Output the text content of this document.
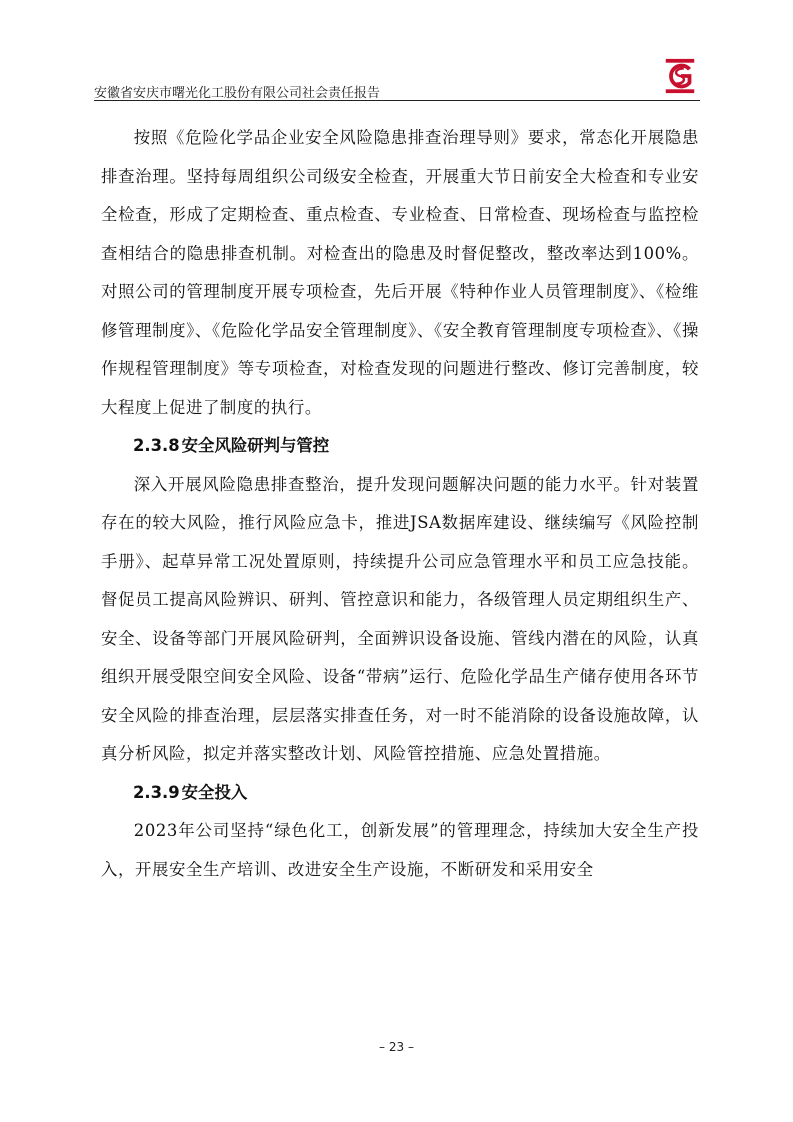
安徽省安庆市曙光化工股份有限公司社会责任报告

按照《危险化学品企业安全风险隐患排查治理导则》要求，常态化开展隐患排查治理。坚持每周组织公司级安全检查，开展重大节日前安全大检查和专业安全检查，形成了定期检查、重点检查、专业检查、日常检查、现场检查与监控检查相结合的隐患排查机制。对检查出的隐患及时督促整改，整改率达到100%。对照公司的管理制度开展专项检查，先后开展《特种作业人员管理制度》、《检维修管理制度》、《危险化学品安全管理制度》、《安全教育管理制度专项检查》、《操作规程管理制度》等专项检查，对检查发现的问题进行整改、修订完善制度，较大程度上促进了制度的执行。

2.3.8 安全风险研判与管控

深入开展风险隐患排查整治，提升发现问题解决问题的能力水平。针对装置存在的较大风险，推行风险应急卡，推进JSA数据库建设、继续编写《风险控制手册》、起草异常工况处置原则，持续提升公司应急管理水平和员工应急技能。督促员工提高风险辨识、研判、管控意识和能力，各级管理人员定期组织生产、安全、设备等部门开展风险研判，全面辨识设备设施、管线内潜在的风险，认真组织开展受限空间安全风险、设备“带病”运行、危险化学品生产储存使用各环节安全风险的排查治理，层层落实排查任务，对一时不能消除的设备设施故障，认真分析风险，拟定并落实整改计划、风险管控措施、应急处置措施。

2.3.9 安全投入

2023年公司坚持“绿色化工，创新发展”的管理理念，持续加大安全生产投入，开展安全生产培训、改进安全生产设施，不断研发和采用安全

– 23 –
